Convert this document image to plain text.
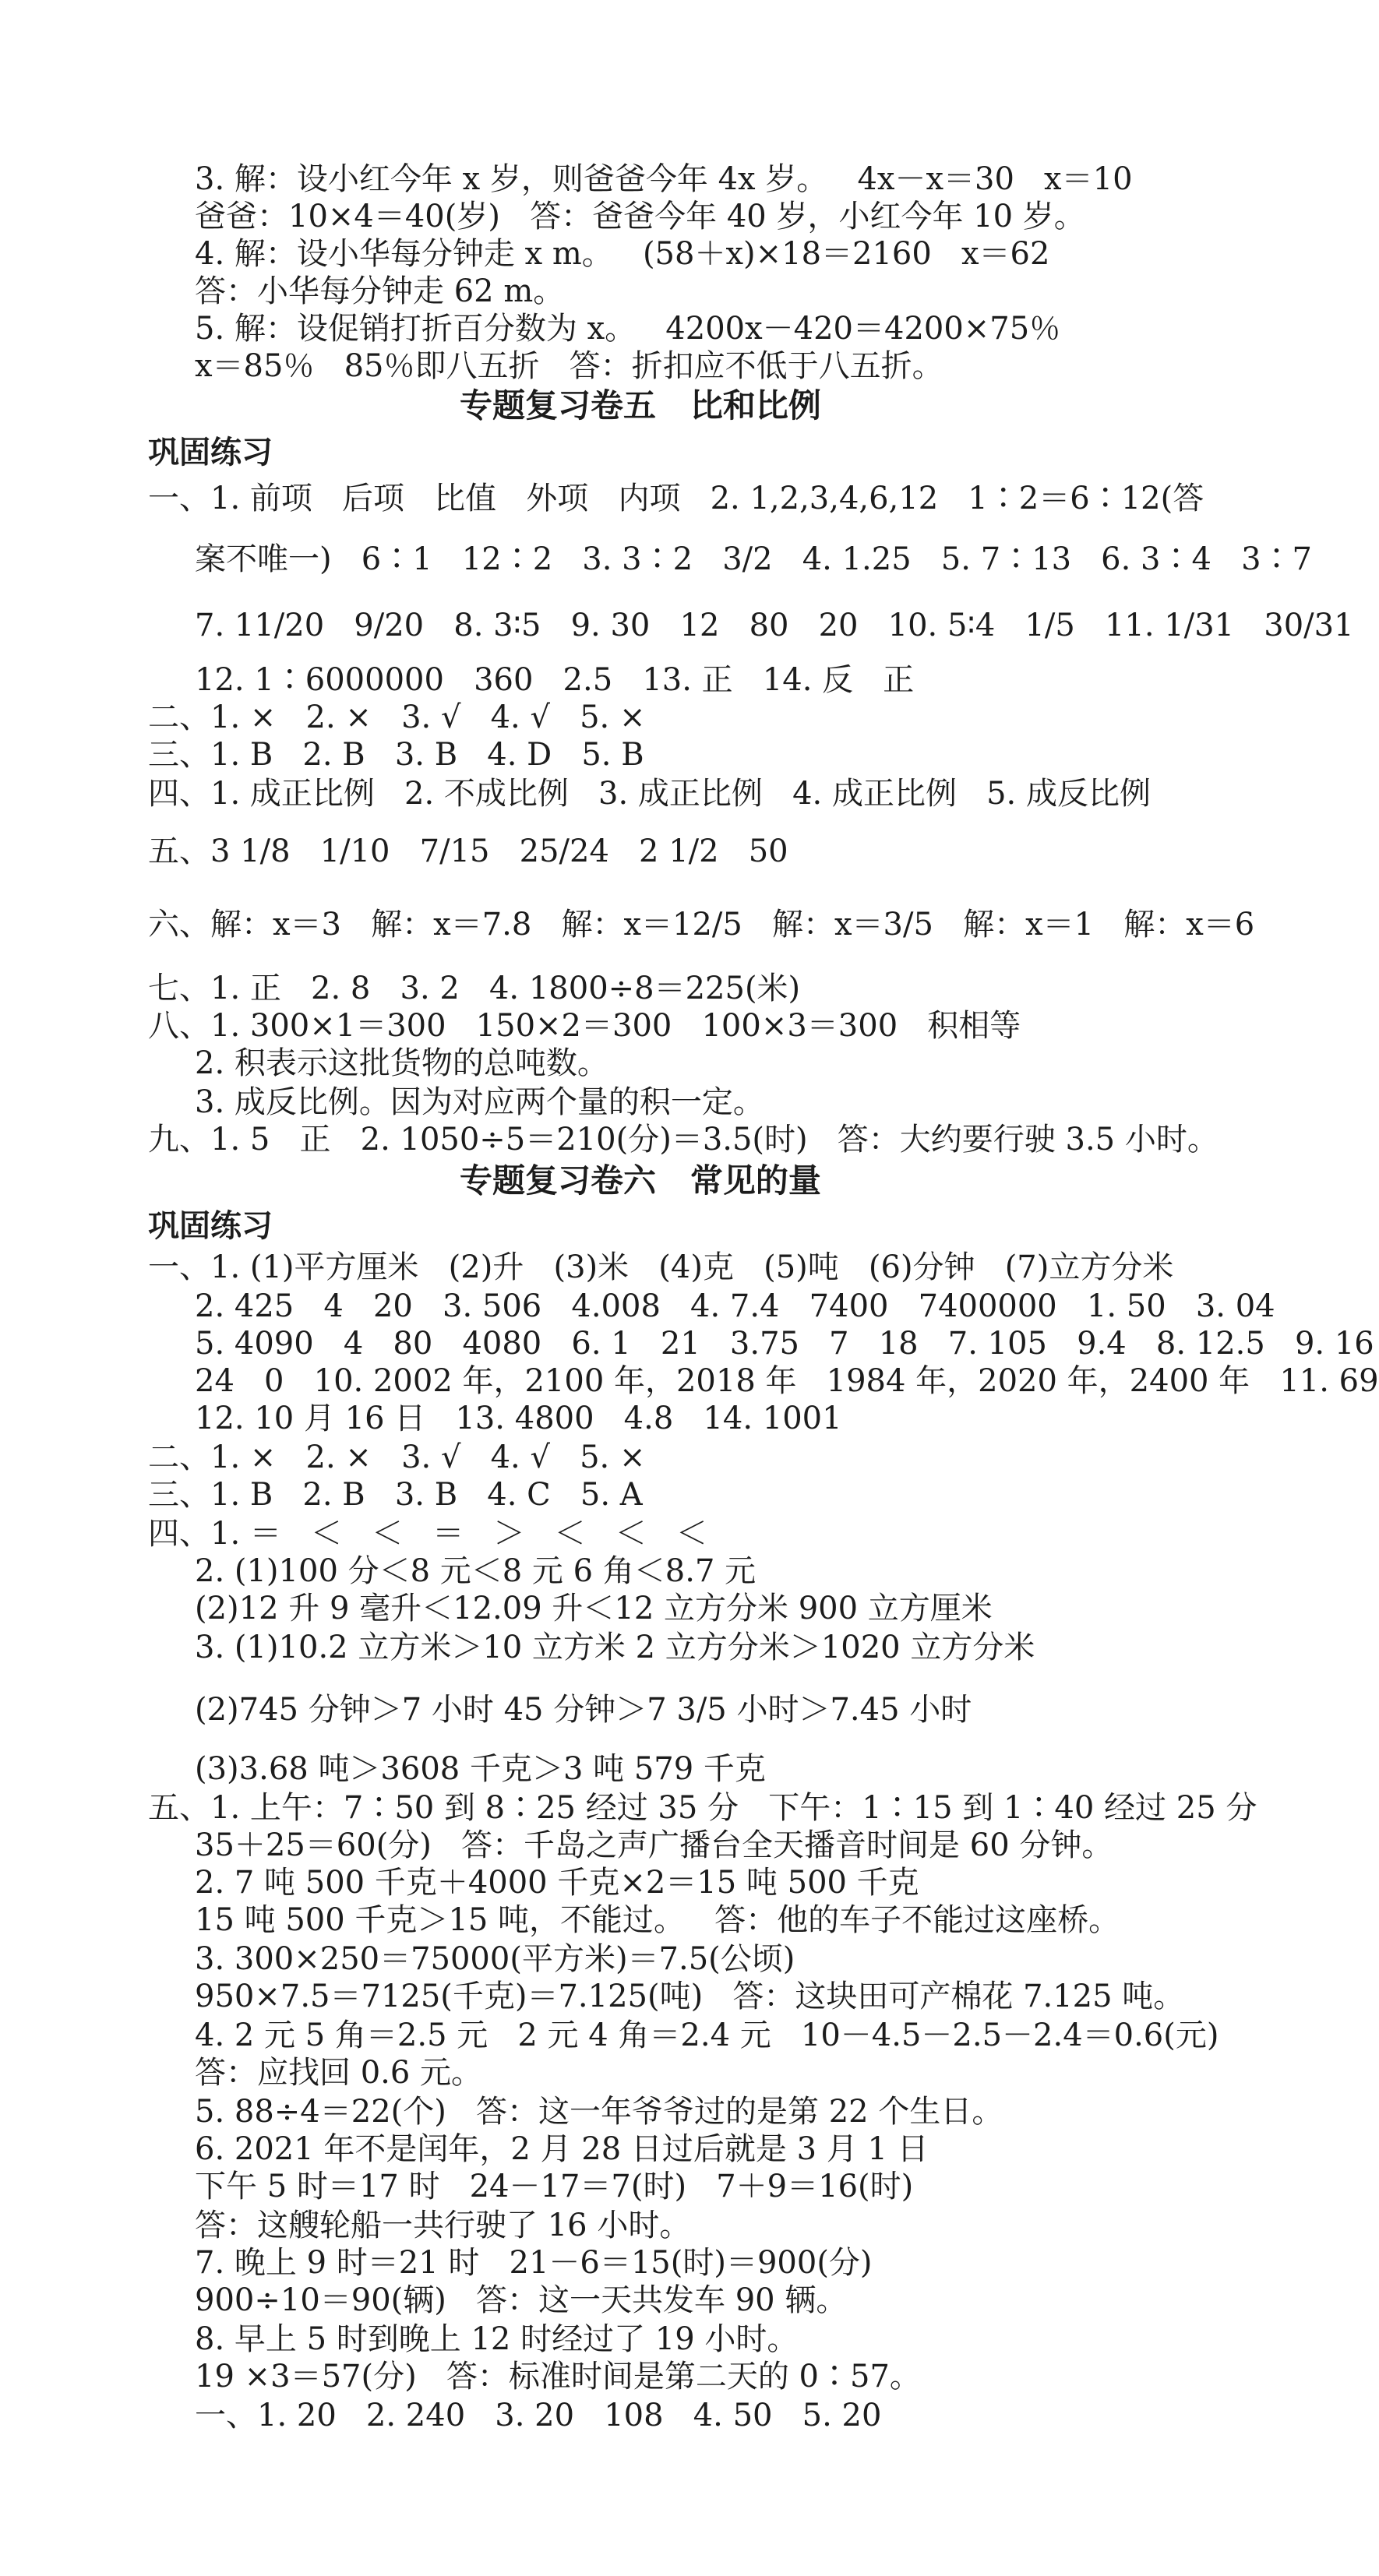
3. 解：设小红今年 x 岁，则爸爸今年 4x 岁。   4x－x＝30   x＝10
爸爸：10×4＝40(岁)   答：爸爸今年 40 岁，小红今年 10 岁。
4. 解：设小华每分钟走 x m。   (58＋x)×18＝2160   x＝62
答：小华每分钟走 62 m。
5. 解：设促销打折百分数为 x。   4200x－420＝4200×75％
x＝85％   85％即八五折   答：折扣应不低于八五折。
专题复习卷五   比和比例
巩固练习
一、1. 前项   后项   比值   外项   内项   2. 1,2,3,4,6,12   1∶2＝6∶12(答
案不唯一)   6∶1   12∶2   3. 3∶2   3/2   4. 1.25   5. 7∶13   6. 3∶4   3∶7
7. 11/20   9/20   8. 3∶5   9. 30   12   80   20   10. 5∶4   1/5   11. 1/31   30/31
12. 1∶6000000   360   2.5   13. 正   14. 反   正
二、1. ×   2. ×   3. √   4. √   5. ×
三、1. B   2. B   3. B   4. D   5. B
四、1. 成正比例   2. 不成比例   3. 成正比例   4. 成正比例   5. 成反比例
五、3 1/8   1/10   7/15   25/24   2 1/2   50
六、解：x＝3   解：x＝7.8   解：x＝12/5   解：x＝3/5   解：x＝1   解：x＝6
七、1. 正   2. 8   3. 2   4. 1800÷8＝225(米)
八、1. 300×1＝300   150×2＝300   100×3＝300   积相等
2. 积表示这批货物的总吨数。
3. 成反比例。因为对应两个量的积一定。
九、1. 5   正   2. 1050÷5＝210(分)＝3.5(时)   答：大约要行驶 3.5 小时。
专题复习卷六   常见的量
巩固练习
一、1. (1)平方厘米   (2)升   (3)米   (4)克   (5)吨   (6)分钟   (7)立方分米
2. 425   4   20   3. 506   4.008   4. 7.4   7400   7400000   1. 50   3. 04
5. 4090   4   80   4080   6. 1   21   3.75   7   18   7. 105   9.4   8. 12.5   9. 16
24   0   10. 2002 年，2100 年，2018 年   1984 年，2020 年，2400 年   11. 69
12. 10 月 16 日   13. 4800   4.8   14. 1001
二、1. ×   2. ×   3. √   4. √   5. ×
三、1. B   2. B   3. B   4. C   5. A
四、1. ＝   ＜   ＜   ＝   ＞   ＜   ＜   ＜
2. (1)100 分＜8 元＜8 元 6 角＜8.7 元
(2)12 升 9 毫升＜12.09 升＜12 立方分米 900 立方厘米
3. (1)10.2 立方米＞10 立方米 2 立方分米＞1020 立方分米
(2)745 分钟＞7 小时 45 分钟＞7 3/5 小时＞7.45 小时
(3)3.68 吨＞3608 千克＞3 吨 579 千克
五、1. 上午：7∶50 到 8∶25 经过 35 分   下午：1∶15 到 1∶40 经过 25 分
35＋25＝60(分)   答：千岛之声广播台全天播音时间是 60 分钟。
2. 7 吨 500 千克＋4000 千克×2＝15 吨 500 千克
15 吨 500 千克＞15 吨，不能过。   答：他的车子不能过这座桥。
3. 300×250＝75000(平方米)＝7.5(公顷)
950×7.5＝7125(千克)＝7.125(吨)   答：这块田可产棉花 7.125 吨。
4. 2 元 5 角＝2.5 元   2 元 4 角＝2.4 元   10－4.5－2.5－2.4＝0.6(元)
答：应找回 0.6 元。
5. 88÷4＝22(个)   答：这一年爷爷过的是第 22 个生日。
6. 2021 年不是闰年，2 月 28 日过后就是 3 月 1 日
下午 5 时＝17 时   24－17＝7(时)   7＋9＝16(时)
答：这艘轮船一共行驶了 16 小时。
7. 晚上 9 时＝21 时   21－6＝15(时)＝900(分)
900÷10＝90(辆)   答：这一天共发车 90 辆。
8. 早上 5 时到晚上 12 时经过了 19 小时。
19 ×3＝57(分)   答：标准时间是第二天的 0∶57。
一、1. 20   2. 240   3. 20   108   4. 50   5. 20
